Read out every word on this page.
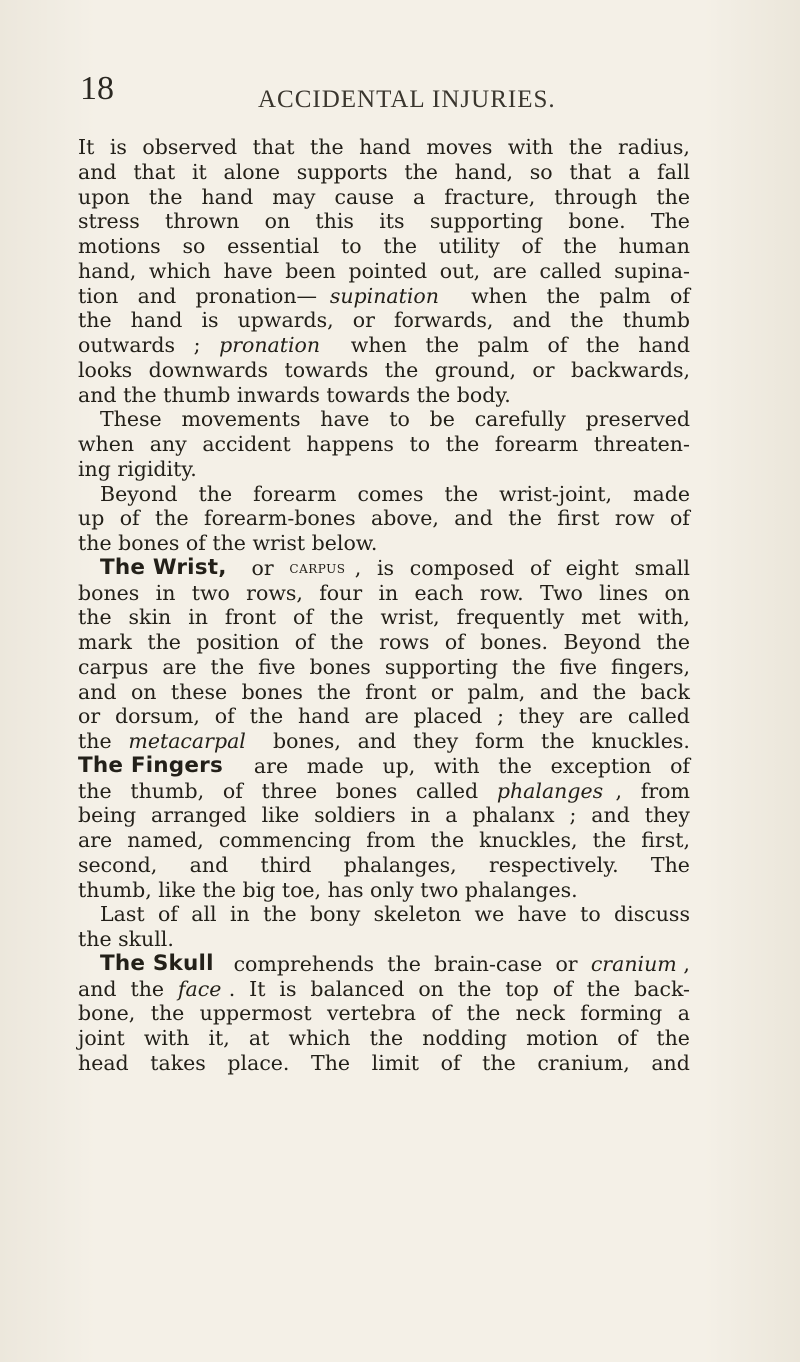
18	ACCIDENTAL INJURIES.
It is observed that the hand moves with the radius,
and that it alone supports the hand, so that a fall
upon the hand may cause a fracture, through the
stress thrown on this its supporting bone. The
motions so essential to the utility of the human
hand, which have been pointed out, are called supina-
tion and pronation— supination
when the palm of
the hand is upwards, or forwards, and the thumb
outwards ; pronation
when the palm of the hand
looks downwards towards the ground, or backwards,
and the thumb inwards towards the body.
These movements have to be carefully preserved
when any accident happens to the forearm threaten-
ing rigidity.
Beyond the forearm comes the wrist-joint, made
up of the forearm-bones above, and the first row of
the bones of the wrist below.
The Wrist,
or carpus , is composed of eight small
bones in two rows, four in each row. Two lines on
the skin in front of the wrist, frequently met with,
mark the position of the rows of bones. Beyond the
carpus are the five bones supporting the five fingers,
and on these bones the front or palm, and the back
or dorsum, of the hand are placed ; they are called
the metacarpal
bones, and they form the knuckles.
The Fingers
are made up, with the exception of
the thumb, of three bones called phalanges , from
being arranged like soldiers in a phalanx ; and they
are named, commencing from the knuckles, the first,
second, and third phalanges, respectively. The
thumb, like the big toe, has only two phalanges.
Last of all in the bony skeleton we have to discuss
the skull.
The Skull
comprehends the brain-case or cranium ,
and the face . It is balanced on the top of the back-
bone, the uppermost vertebra of the neck forming a
joint with it, at which the nodding motion of the
head takes place. The limit of the cranium, and
